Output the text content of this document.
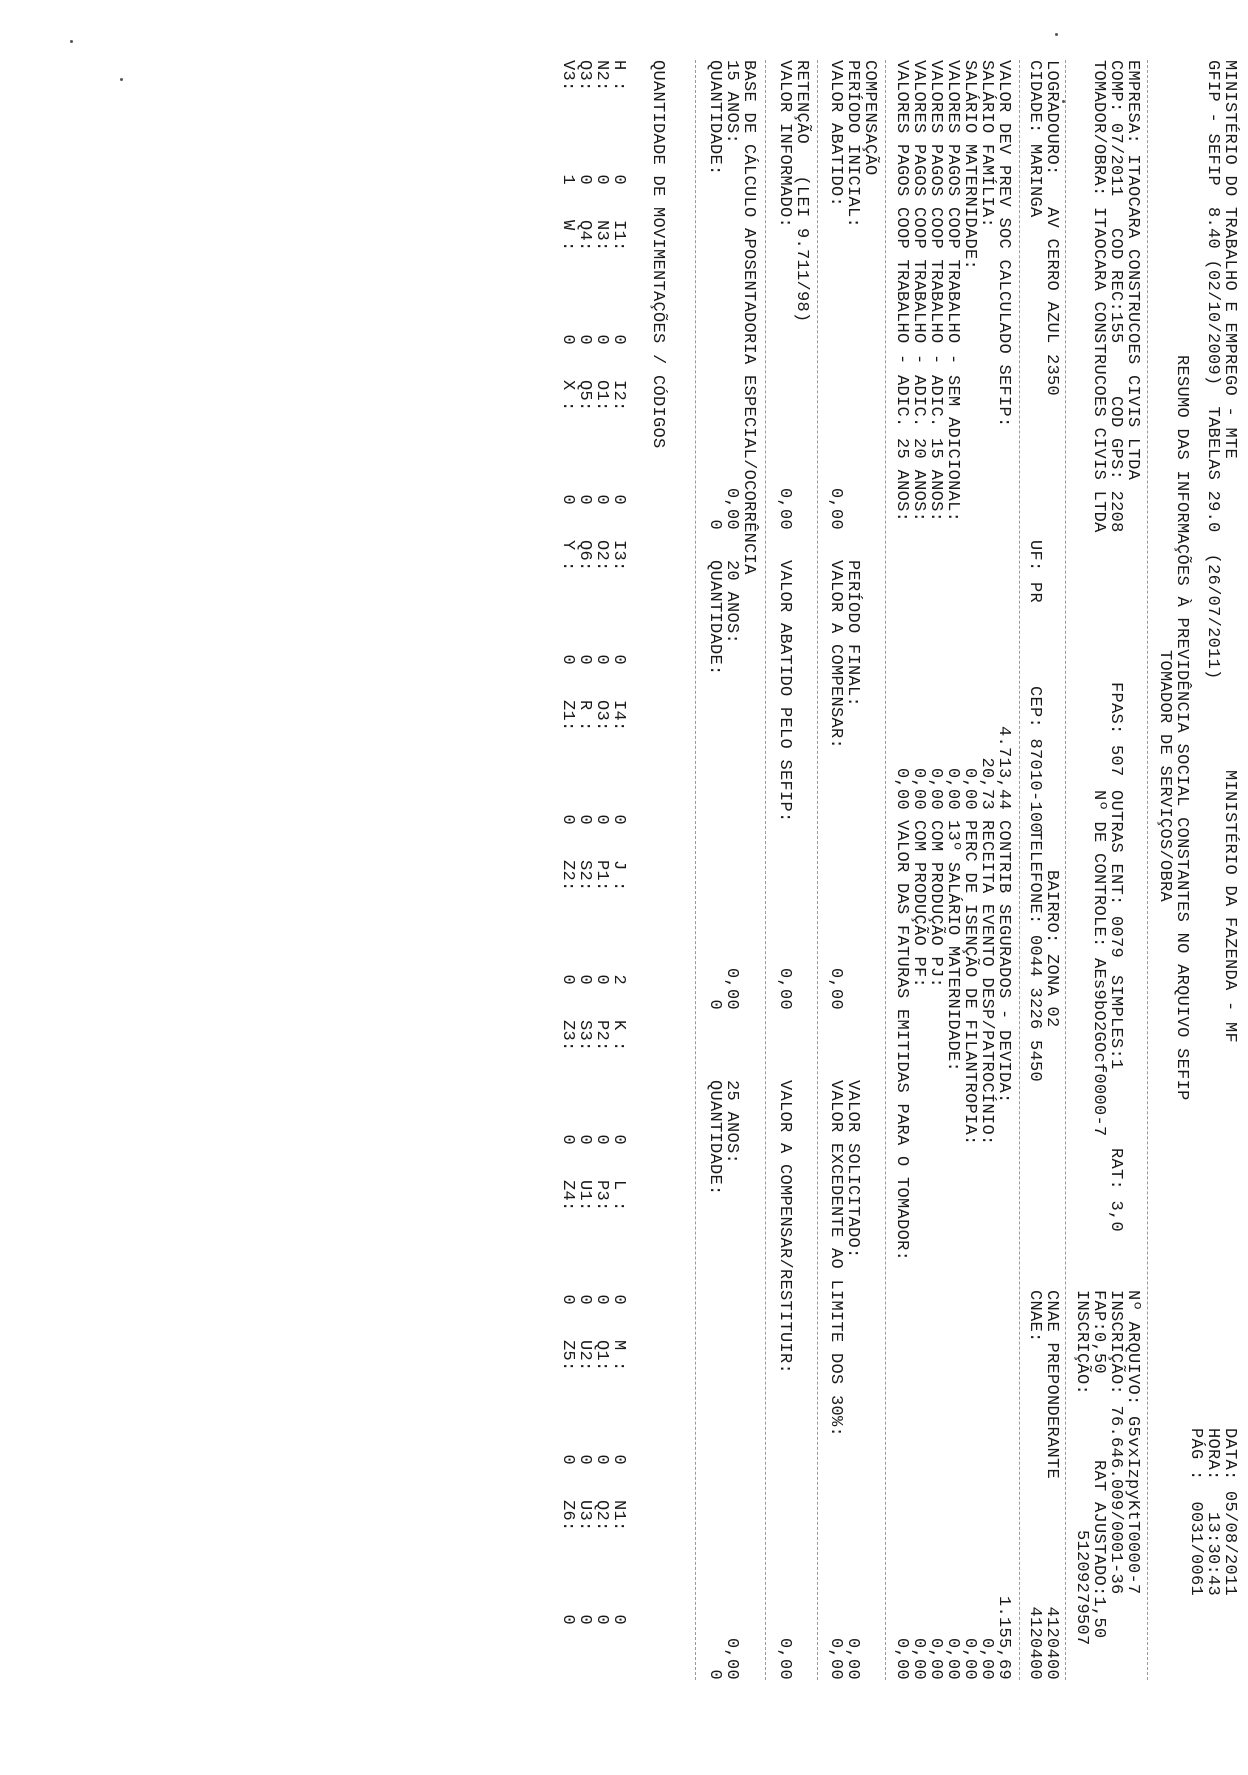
MINISTÉRIO DO TRABALHO E EMPREGO - MTE
GFIP - SEFIP  8.40 (02/10/2009)  TABELAS 29.0  (26/07/2011)
MINISTÉRIO DA FAZENDA - MF
DATA: 05/08/2011
HORA:   13:30:43
PÁG :  0031/0061
RESUMO DAS INFORMAÇÕES À PREVIDÊNCIA SOCIAL CONSTANTES NO ARQUIVO SEFIP
TOMADOR DE SERVIÇOS/OBRA
EMPRESA: ITAOCARA CONSTRUCOES CIVIS LTDA
Nº ARQUIVO: G5vxIzpyKtT0000-7
COMP: 07/2011   COD REC:155     COD GPS: 2208
FPAS: 507
OUTRAS ENT: 0079
SIMPLES:1
RAT: 3,0
INSCRIÇÃO: 76.646.009/0001-36
FAP:0,50
RAT AJUSTADO:1,50
TOMADOR/OBRA: ITAOCARA CONSTRUCOES CIVIS LTDA
Nº DE CONTROLE: AEs9bO2GOcf0000-7
INSCRIÇÃO:
51209279507
LOGRADOURO:   AV CERRO AZUL 2350
BAIRRO: ZONA 02
CNAE PREPONDERANTE
4120400
CIDADE: MARINGA
UF: PR
CEP: 87010-100
TELEFONE: 0044 3226 5450
CNAE:
4120400
VALOR DEV PREV SOC CALCULADO SEFIP:
4.713,44
CONTRIB SEGURADOS - DEVIDA:
1.155,69
SALÁRIO FAMÍLIA:
20,73
RECEITA EVENTO DESP/PATROCÍNIO:
0,00
SALÁRIO MATERNIDADE:
0,00
PERC DE ISENÇÃO DE FILANTROPIA:
0,00
VALORES PAGOS COOP TRABALHO - SEM ADICIONAL:
0,00
13º SALÁRIO MATERNIDADE:
0,00
VALORES PAGOS COOP TRABALHO - ADIC. 15 ANOS:
0,00
COM PRODUÇÃO PJ:
0,00
VALORES PAGOS COOP TRABALHO - ADIC. 20 ANOS:
0,00
COM PRODUÇÃO PF:
0,00
VALORES PAGOS COOP TRABALHO - ADIC. 25 ANOS:
0,00
VALOR DAS FATURAS EMITIDAS PARA O TOMADOR:
0,00
COMPENSAÇÃO
PERÍODO INICIAL:
PERÍODO FINAL:
VALOR SOLICITADO:
0,00
VALOR ABATIDO:
0,00
VALOR A COMPENSAR:
0,00
VALOR EXCEDENTE AO LIMITE DOS 30%:
0,00
RETENÇÃO   (LEI 9.711/98)
VALOR INFORMADO:
0,00
VALOR ABATIDO PELO SEFIP:
0,00
VALOR A COMPENSAR/RESTITUIR:
0,00
BASE DE CÁLCULO APOSENTADORIA ESPECIAL/OCORRÊNCIA
15 ANOS:
0,00
20 ANOS:
0,00
25 ANOS:
0,00
QUANTIDADE:
0
QUANTIDADE:
0
QUANTIDADE:
0
QUANTIDADE DE MOVIMENTAÇÕES / CÓDIGOS
H :
0
I1:
0
I2:
0
I3:
0
I4:
0
J :
2
K :
0
L :
0
M :
0
N1:
0
N2:
0
N3:
0
O1:
0
O2:
0
O3:
0
P1:
0
P2:
0
P3:
0
Q1:
0
Q2:
0
Q3:
0
Q4:
0
Q5:
0
Q6:
0
R :
0
S2:
0
S3:
0
U1:
0
U2:
0
U3:
0
V3:
1
W :
0
X :
0
Y :
0
Z1:
0
Z2:
0
Z3:
0
Z4:
0
Z5:
0
Z6:
0
